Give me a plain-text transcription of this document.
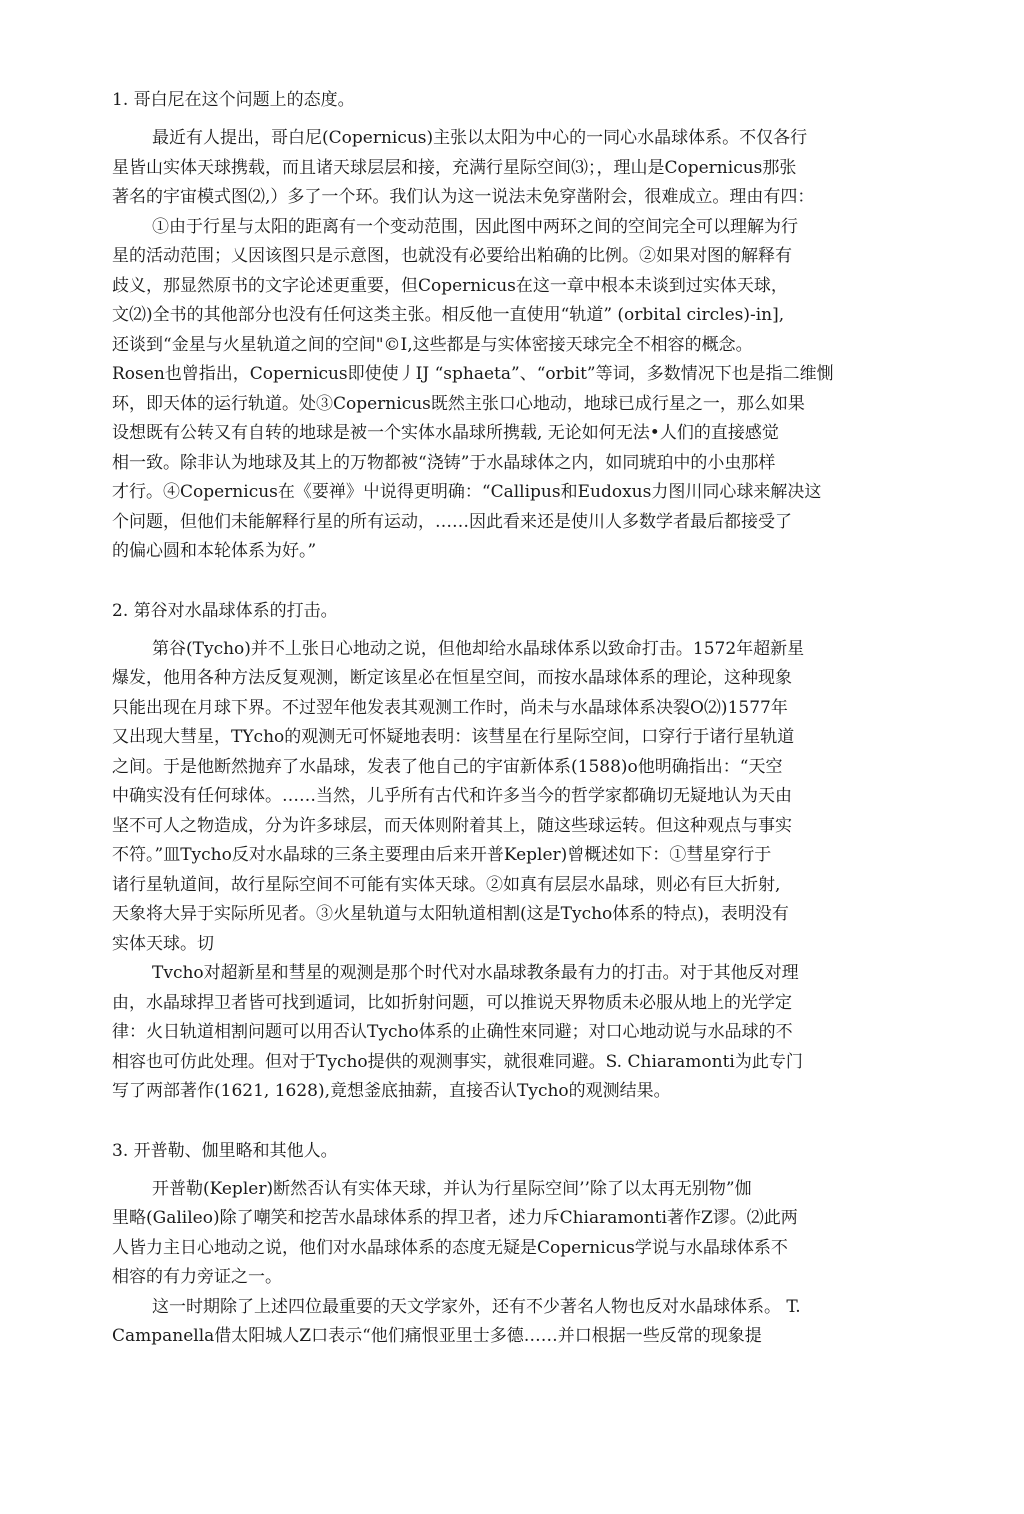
1. 哥白尼在这个问题上的态度。

最近有人提出，哥白尼(Copernicus)主张以太阳为中心的一同心水晶球体系。不仅各行
星皆山实体天球携载，而且诸天球层层和接，充满行星际空间⑶；，理山是Copernicus那张
著名的宇宙模式图⑵,）多了一个环。我们认为这一说法未免穿凿附会，很难成立。理由有四：
①由于行星与太阳的距离有一个变动范围，因此图中两环之间的空间完全可以理解为行
星的活动范围；乂因该图只是示意图，也就没有必要给出粕确的比例。②如果对图的解释有
歧义，那显然原书的文字论述更重要，但Copernicus在这一章中根本未谈到过实体天球，
文⑵)全书的其他部分也没有任何这类主张。相反他一直使用“轨道” (orbital circles)-in],
还谈到“金星与火星轨道之间的空间"©I,这些都是与实体密接天球完全不相容的概念。
Rosen也曾指出，Copernicus即使使丿IJ “sphaeta”、“orbit”等词，多数情况下也是指二维惻
环，即天体的运行轨道。处③Copernicus既然主张口心地动，地球已成行星之一，那么如果
设想既有公转又有自转的地球是被一个实体水晶球所携载, 无论如何无法•人们的直接感觉
相一致。除非认为地球及其上的万物都被“浇铸”于水晶球体之内，如同琥珀中的小虫那样
才行。④Copernicus在《要禅》屮说得更明确：“Callipus和Eudoxus力图川同心球来解决这
个问题，但他们未能解释行星的所有运动，……因此看来还是使川人多数学者最后都接受了
的偏心圆和本轮体系为好。”

2. 第谷对水晶球体系的打击。

第谷(Tycho)并不丄张日心地动之说，但他却给水晶球体系以致命打击。1572年超新星
爆发，他用各种方法反复观测，断定该星必在恒星空间，而按水晶球体系的理论，这种现象
只能出现在月球下界。不过翌年他发表其观测工作时，尚未与水晶球体系决裂O⑵)1577年
又出现大彗星，TYcho的观测无可怀疑地表明：该彗星在行星际空间，口穿行于诸行星轨道
之间。于是他断然抛弃了水晶球，发表了他自己的宇宙新体系(1588)o他明确指出：“天空
中确实没有任何球体。……当然，儿乎所有古代和许多当今的哲学家都确切无疑地认为天由
坚不可人之物造成，分为许多球层，而天体则附着其上，随这些球运转。但这种观点与事实
不符。”皿Tycho反对水晶球的三条主要理由后来开普Kepler)曾概述如下：①彗星穿行于
诸行星轨道间，故行星际空间不可能有实体天球。②如真有层层水晶球，则必有巨大折射,
天象将大异于实际所见者。③火星轨道与太阳轨道相割(这是Tycho体系的特点)，表明没有
实体天球。切
Tvcho对超新星和彗星的观测是那个时代对水晶球教条最有力的打击。对于其他反对理
由，水晶球捍卫者皆可找到遁词，比如折射问题，可以推说天界物质未必服从地上的光学定
律：火日轨道相割问题可以用否认Tycho体系的止确性來同避；对口心地动说与水品球的不
相容也可仿此处理。但对于Tycho提供的观测事实，就很难同避。S. Chiaramonti为此专门
写了两部著作(1621, 1628),竟想釜底抽薪，直接否认Tycho的观测结果。

3. 开普勒、伽里略和其他人。

开普勒(Kepler)断然否认有实体天球，并认为行星际空间’’除了以太再无别物”伽
里略(Galileo)除了嘲笑和挖苦水晶球体系的捍卫者，述力斥Chiaramonti著作Z谬。⑵此两
人皆力主日心地动之说，他们对水晶球体系的态度无疑是Copernicus学说与水晶球体系不
相容的有力旁证之一。
这一时期除了上述四位最重要的天文学家外，还有不少著名人物也反对水晶球体系。 T.
Campanella借太阳城人Z口表示“他们痛恨亚里士多德……并口根据一些反常的现象提
